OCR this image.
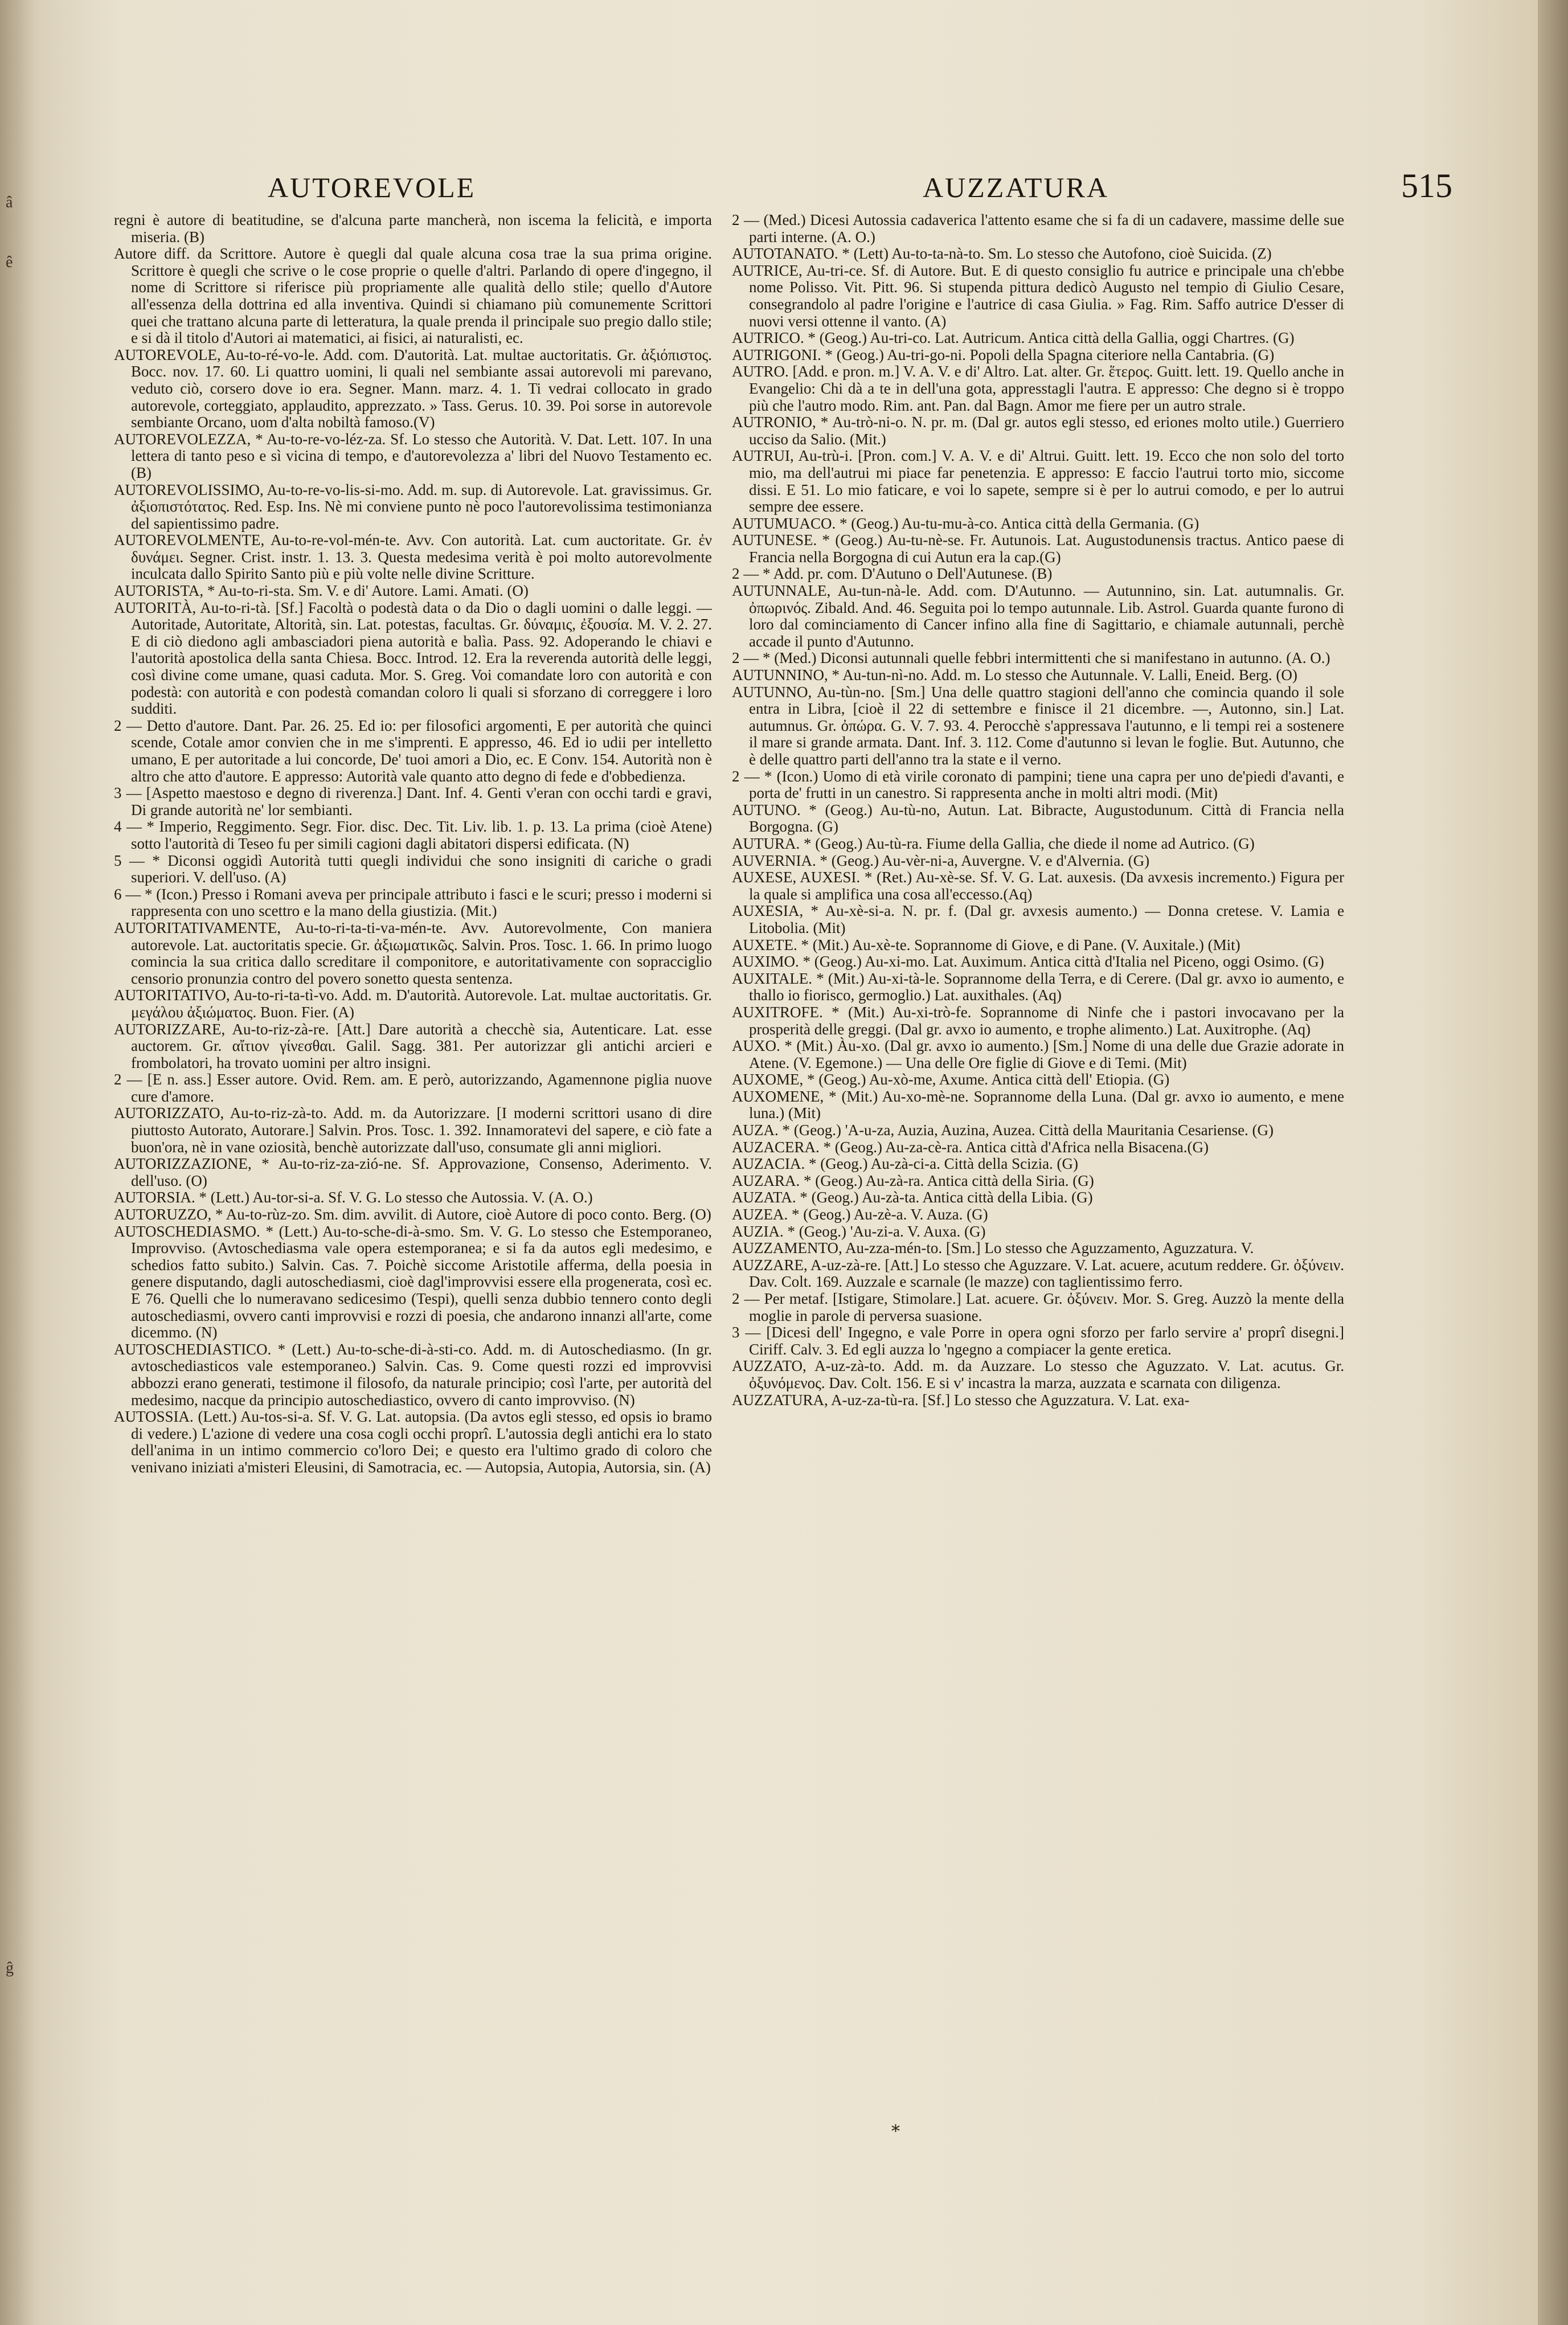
â
ê
ĝ
AUTOREVOLE	AUZZATURA	515

regni è autore di beatitudine, se d'alcuna parte mancherà, non iscema la felicità, e importa miseria. (B)

Autore diff. da Scrittore. Autore è quegli dal quale alcuna cosa trae la sua prima origine. Scrittore è quegli che scrive o le cose proprie o quelle d'altri. Parlando di opere d'ingegno, il nome di Scrittore si riferisce più propriamente alle qualità dello stile; quello d'Autore all'essenza della dottrina ed alla inventiva. Quindi si chiamano più comunemente Scrittori quei che trattano alcuna parte di letteratura, la quale prenda il principale suo pregio dallo stile; e si dà il titolo d'Autori ai matematici, ai fisici, ai naturalisti, ec.

AUTOREVOLE, Au-to-ré-vo-le. Add. com. D'autorità. Lat. multae auctoritatis. Gr. ἀξιόπιστος. Bocc. nov. 17. 60. Li quattro uomini, li quali nel sembiante assai autorevoli mi parevano, veduto ciò, corsero dove io era. Segner. Mann. marz. 4. 1. Ti vedrai collocato in grado autorevole, corteggiato, applaudito, apprezzato. » Tass. Gerus. 10. 39. Poi sorse in autorevole sembiante Orcano, uom d'alta nobiltà famoso.(V)

AUTOREVOLEZZA, * Au-to-re-vo-léz-za. Sf. Lo stesso che Autorità. V. Dat. Lett. 107. In una lettera di tanto peso e sì vicina di tempo, e d'autorevolezza a' libri del Nuovo Testamento ec. (B)

AUTOREVOLISSIMO, Au-to-re-vo-lis-si-mo. Add. m. sup. di Autorevole. Lat. gravissimus. Gr. ἀξιοπιστότατος. Red. Esp. Ins. Nè mi conviene punto nè poco l'autorevolissima testimonianza del sapientissimo padre.

AUTOREVOLMENTE, Au-to-re-vol-mén-te. Avv. Con autorità. Lat. cum auctoritate. Gr. ἐν δυνάμει. Segner. Crist. instr. 1. 13. 3. Questa medesima verità è poi molto autorevolmente inculcata dallo Spirito Santo più e più volte nelle divine Scritture.

AUTORISTA, * Au-to-ri-sta. Sm. V. e di' Autore. Lami. Amati. (O)

AUTORITÀ, Au-to-ri-tà. [Sf.] Facoltà o podestà data o da Dio o dagli uomini o dalle leggi. — Autoritade, Autoritate, Altorità, sin. Lat. potestas, facultas. Gr. δύναμις, ἐξουσία. M. V. 2. 27. E di ciò diedono agli ambasciadori piena autorità e balìa. Pass. 92. Adoperando le chiavi e l'autorità apostolica della santa Chiesa. Bocc. Introd. 12. Era la reverenda autorità delle leggi, così divine come umane, quasi caduta. Mor. S. Greg. Voi comandate loro con autorità e con podestà: con autorità e con podestà comandan coloro li quali si sforzano di correggere i loro sudditi.

2 — Detto d'autore. Dant. Par. 26. 25. Ed io: per filosofici argomenti, E per autorità che quinci scende, Cotale amor convien che in me s'imprenti. E appresso, 46. Ed io udii per intelletto umano, E per autoritade a lui concorde, De' tuoi amori a Dio, ec. E Conv. 154. Autorità non è altro che atto d'autore. E appresso: Autorità vale quanto atto degno di fede e d'obbedienza.

3 — [Aspetto maestoso e degno di riverenza.] Dant. Inf. 4. Genti v'eran con occhi tardi e gravi, Di grande autorità ne' lor sembianti.

4 — * Imperio, Reggimento. Segr. Fior. disc. Dec. Tit. Liv. lib. 1. p. 13. La prima (cioè Atene) sotto l'autorità di Teseo fu per simili cagioni dagli abitatori dispersi edificata. (N)

5 — * Diconsi oggidì Autorità tutti quegli individui che sono insigniti di cariche o gradi superiori. V. dell'uso. (A)

6 — * (Icon.) Presso i Romani aveva per principale attributo i fasci e le scuri; presso i moderni si rappresenta con uno scettro e la mano della giustizia. (Mit.)

AUTORITATIVAMENTE, Au-to-ri-ta-ti-va-mén-te. Avv. Autorevolmente, Con maniera autorevole. Lat. auctoritatis specie. Gr. ἀξιωματικῶς. Salvin. Pros. Tosc. 1. 66. In primo luogo comincia la sua critica dallo screditare il componitore, e autoritativamente con sopracciglio censorio pronunzia contro del povero sonetto questa sentenza.

AUTORITATIVO, Au-to-ri-ta-tì-vo. Add. m. D'autorità. Autorevole. Lat. multae auctoritatis. Gr. μεγάλου ἀξιώματος. Buon. Fier. (A)

AUTORIZZARE, Au-to-riz-zà-re. [Att.] Dare autorità a checchè sia, Autenticare. Lat. esse auctorem. Gr. αἴτιον γίνεσθαι. Galil. Sagg. 381. Per autorizzar gli antichi arcieri e frombolatori, ha trovato uomini per altro insigni.

2 — [E n. ass.] Esser autore. Ovid. Rem. am. E però, autorizzando, Agamennone piglia nuove cure d'amore.

AUTORIZZATO, Au-to-riz-zà-to. Add. m. da Autorizzare. [I moderni scrittori usano di dire piuttosto Autorato, Autorare.] Salvin. Pros. Tosc. 1. 392. Innamoratevi del sapere, e ciò fate a buon'ora, nè in vane oziosità, benchè autorizzate dall'uso, consumate gli anni migliori.

AUTORIZZAZIONE, * Au-to-riz-za-zió-ne. Sf. Approvazione, Consenso, Aderimento. V. dell'uso. (O)

AUTORSIA. * (Lett.) Au-tor-si-a. Sf. V. G. Lo stesso che Autossia. V. (A. O.)

AUTORUZZO, * Au-to-rùz-zo. Sm. dim. avvilit. di Autore, cioè Autore di poco conto. Berg. (O)

AUTOSCHEDIASMO. * (Lett.) Au-to-sche-di-à-smo. Sm. V. G. Lo stesso che Estemporaneo, Improvviso. (Avtoschediasma vale opera estemporanea; e si fa da autos egli medesimo, e schedios fatto subito.) Salvin. Cas. 7. Poichè siccome Aristotile afferma, della poesia in genere disputando, dagli autoschediasmi, cioè dagl'improvvisi essere ella progenerata, così ec. E 76. Quelli che lo numeravano sedicesimo (Tespi), quelli senza dubbio tennero conto degli autoschediasmi, ovvero canti improvvisi e rozzi di poesia, che andarono innanzi all'arte, come dicemmo. (N)

AUTOSCHEDIASTICO. * (Lett.) Au-to-sche-di-à-sti-co. Add. m. di Autoschediasmo. (In gr. avtoschediasticos vale estemporaneo.) Salvin. Cas. 9. Come questi rozzi ed improvvisi abbozzi erano generati, testimone il filosofo, da naturale principio; così l'arte, per autorità del medesimo, nacque da principio autoschediastico, ovvero di canto improvviso. (N)

AUTOSSIA. (Lett.) Au-tos-si-a. Sf. V. G. Lat. autopsia. (Da avtos egli stesso, ed opsis io bramo di vedere.) L'azione di vedere una cosa cogli occhi proprî. L'autossia degli antichi era lo stato dell'anima in un intimo commercio co'loro Dei; e questo era l'ultimo grado di coloro che venivano iniziati a'misteri Eleusini, di Samotracia, ec. — Autopsia, Autopia, Autorsia, sin. (A)

2 — (Med.) Dicesi Autossia cadaverica l'attento esame che si fa di un cadavere, massime delle sue parti interne. (A. O.)

AUTOTANATO. * (Lett) Au-to-ta-nà-to. Sm. Lo stesso che Autofono, cioè Suicida. (Z)

AUTRICE, Au-tri-ce. Sf. di Autore. But. E di questo consiglio fu autrice e principale una ch'ebbe nome Polisso. Vit. Pitt. 96. Si stupenda pittura dedicò Augusto nel tempio di Giulio Cesare, consegrandolo al padre l'origine e l'autrice di casa Giulia. » Fag. Rim. Saffo autrice D'esser di nuovi versi ottenne il vanto. (A)

AUTRICO. * (Geog.) Au-tri-co. Lat. Autricum. Antica città della Gallia, oggi Chartres. (G)

AUTRIGONI. * (Geog.) Au-tri-go-ni. Popoli della Spagna citeriore nella Cantabria. (G)

AUTRO. [Add. e pron. m.] V. A. V. e di' Altro. Lat. alter. Gr. ἕτερος. Guitt. lett. 19. Quello anche in Evangelio: Chi dà a te in dell'una gota, appresstagli l'autra. E appresso: Che degno si è troppo più che l'autro modo. Rim. ant. Pan. dal Bagn. Amor me fiere per un autro strale.

AUTRONIO, * Au-trò-ni-o. N. pr. m. (Dal gr. autos egli stesso, ed eriones molto utile.) Guerriero ucciso da Salio. (Mit.)

AUTRUI, Au-trù-i. [Pron. com.] V. A. V. e di' Altrui. Guitt. lett. 19. Ecco che non solo del torto mio, ma dell'autrui mi piace far penetenzia. E appresso: E faccio l'autrui torto mio, siccome dissi. E 51. Lo mio faticare, e voi lo sapete, sempre si è per lo autrui comodo, e per lo autrui sempre dee essere.

AUTUMUACO. * (Geog.) Au-tu-mu-à-co. Antica città della Germania. (G)

AUTUNESE. * (Geog.) Au-tu-nè-se. Fr. Autunois. Lat. Augustodunensis tractus. Antico paese di Francia nella Borgogna di cui Autun era la cap.(G)

2 — * Add. pr. com. D'Autuno o Dell'Autunese. (B)

AUTUNNALE, Au-tun-nà-le. Add. com. D'Autunno. — Autunnino, sin. Lat. autumnalis. Gr. ὀπωρινός. Zibald. And. 46. Seguita poi lo tempo autunnale. Lib. Astrol. Guarda quante furono di loro dal cominciamento di Cancer infino alla fine di Sagittario, e chiamale autunnali, perchè accade il punto d'Autunno.

2 — * (Med.) Diconsi autunnali quelle febbri intermittenti che si manifestano in autunno. (A. O.)

AUTUNNINO, * Au-tun-nì-no. Add. m. Lo stesso che Autunnale. V. Lalli, Eneid. Berg. (O)

AUTUNNO, Au-tùn-no. [Sm.] Una delle quattro stagioni dell'anno che comincia quando il sole entra in Libra, [cioè il 22 di settembre e finisce il 21 dicembre. —, Autonno, sin.] Lat. autumnus. Gr. ὀπώρα. G. V. 7. 93. 4. Perocchè s'appressava l'autunno, e li tempi rei a sostenere il mare si grande armata. Dant. Inf. 3. 112. Come d'autunno si levan le foglie. But. Autunno, che è delle quattro parti dell'anno tra la state e il verno.

2 — * (Icon.) Uomo di età virile coronato di pampini; tiene una capra per uno de'piedi d'avanti, e porta de' frutti in un canestro. Si rappresenta anche in molti altri modi. (Mit)

AUTUNO. * (Geog.) Au-tù-no, Autun. Lat. Bibracte, Augustodunum. Città di Francia nella Borgogna. (G)

AUTURA. * (Geog.) Au-tù-ra. Fiume della Gallia, che diede il nome ad Autrico. (G)

AUVERNIA. * (Geog.) Au-vèr-ni-a, Auvergne. V. e d'Alvernia. (G)

AUXESE, AUXESI. * (Ret.) Au-xè-se. Sf. V. G. Lat. auxesis. (Da avxesis incremento.) Figura per la quale si amplifica una cosa all'eccesso.(Aq)

AUXESIA, * Au-xè-si-a. N. pr. f. (Dal gr. avxesis aumento.) — Donna cretese. V. Lamia e Litobolia. (Mit)

AUXETE. * (Mit.) Au-xè-te. Soprannome di Giove, e di Pane. (V. Auxitale.) (Mit)

AUXIMO. * (Geog.) Au-xi-mo. Lat. Auximum. Antica città d'Italia nel Piceno, oggi Osimo. (G)

AUXITALE. * (Mit.) Au-xi-tà-le. Soprannome della Terra, e di Cerere. (Dal gr. avxo io aumento, e thallo io fiorisco, germoglio.) Lat. auxithales. (Aq)

AUXITROFE. * (Mit.) Au-xi-trò-fe. Soprannome di Ninfe che i pastori invocavano per la prosperità delle greggi. (Dal gr. avxo io aumento, e trophe alimento.) Lat. Auxitrophe. (Aq)

AUXO. * (Mit.) Àu-xo. (Dal gr. avxo io aumento.) [Sm.] Nome di una delle due Grazie adorate in Atene. (V. Egemone.) — Una delle Ore figlie di Giove e di Temi. (Mit)

AUXOME, * (Geog.) Au-xò-me, Axume. Antica città dell' Etiopia. (G)

AUXOMENE, * (Mit.) Au-xo-mè-ne. Soprannome della Luna. (Dal gr. avxo io aumento, e mene luna.) (Mit)

AUZA. * (Geog.) 'A-u-za, Auzia, Auzina, Auzea. Città della Mauritania Cesariense. (G)

AUZACERA. * (Geog.) Au-za-cè-ra. Antica città d'Africa nella Bisacena.(G)

AUZACIA. * (Geog.) Au-zà-ci-a. Città della Scizia. (G)

AUZARA. * (Geog.) Au-zà-ra. Antica città della Siria. (G)

AUZATA. * (Geog.) Au-zà-ta. Antica città della Libia. (G)

AUZEA. * (Geog.) Au-zè-a. V. Auza. (G)

AUZIA. * (Geog.) 'Au-zi-a. V. Auxa. (G)

AUZZAMENTO, Au-zza-mén-to. [Sm.] Lo stesso che Aguzzamento, Aguzzatura. V.

AUZZARE, A-uz-zà-re. [Att.] Lo stesso che Aguzzare. V. Lat. acuere, acutum reddere. Gr. ὀξύνειν. Dav. Colt. 169. Auzzale e scarnale (le mazze) con taglientissimo ferro.

2 — Per metaf. [Istigare, Stimolare.] Lat. acuere. Gr. ὀξύνειν. Mor. S. Greg. Auzzò la mente della moglie in parole di perversa suasione.

3 — [Dicesi dell' Ingegno, e vale Porre in opera ogni sforzo per farlo servire a' proprî disegni.] Ciriff. Calv. 3. Ed egli auzza lo 'ngegno a compiacer la gente eretica.

AUZZATO, A-uz-zà-to. Add. m. da Auzzare. Lo stesso che Aguzzato. V. Lat. acutus. Gr. ὀξυνόμενος. Dav. Colt. 156. E si v' incastra la marza, auzzata e scarnata con diligenza.

AUZZATURA, A-uz-za-tù-ra. [Sf.] Lo stesso che Aguzzatura. V. Lat. exa-

*
